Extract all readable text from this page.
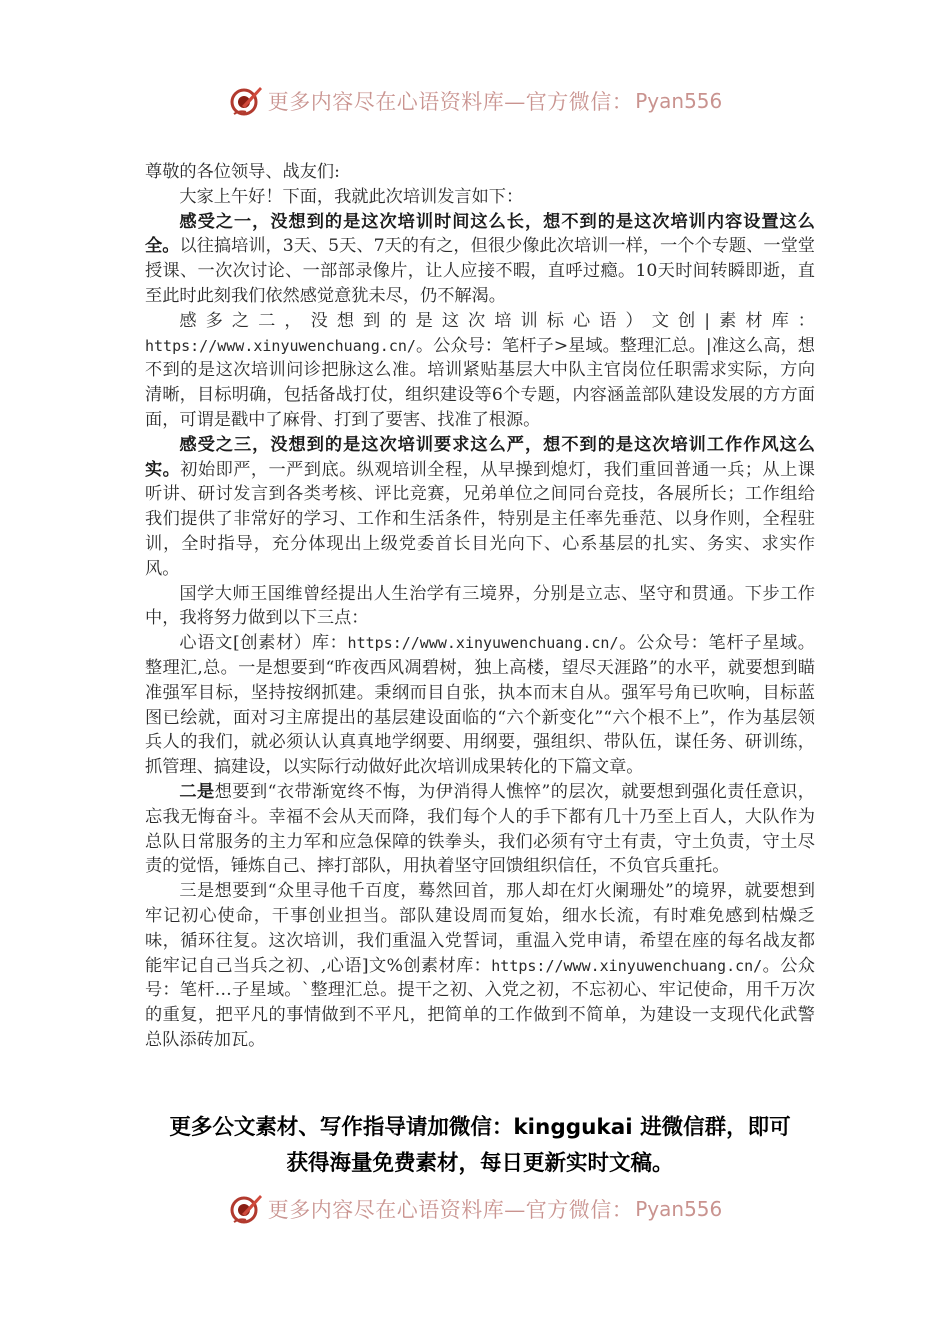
更多内容尽在心语资料库—官方微信： Pyan556

尊敬的各位领导、战友们:

大家上午好！下面，我就此次培训发言如下：

感受之一，没想到的是这次培训时间这么长，想不到的是这次培训内容设置这么全。以往搞培训，3天、5天、7天的有之，但很少像此次培训一样，一个个专题、一堂堂授课、一次次讨论、一部部录像片，让人应接不暇，直呼过瘾。10天时间转瞬即逝，直至此时此刻我们依然感觉意犹未尽，仍不解渴。

感多之二，没想到的是这次培训标心语）文创|素材库：https://www.xinyuwenchuang.cn/。公众号：笔杆子>星域。整理汇总。|准这么高，想不到的是这次培训问诊把脉这么准。培训紧贴基层大中队主官岗位任职需求实际，方向清晰，目标明确，包括备战打仗，组织建设等6个专题，内容涵盖部队建设发展的方方面面，可谓是戳中了麻骨、打到了要害、找准了根源。

感受之三，没想到的是这次培训要求这么严，想不到的是这次培训工作作风这么实。初始即严，一严到底。纵观培训全程，从早操到熄灯，我们重回普通一兵；从上课听讲、研讨发言到各类考核、评比竞赛，兄弟单位之间同台竞技，各展所长；工作组给我们提供了非常好的学习、工作和生活条件，特别是主任率先垂范、以身作则，全程驻训，全时指导，充分体现出上级党委首长目光向下、心系基层的扎实、务实、求实作风。

国学大师王国维曾经提出人生治学有三境界，分别是立志、坚守和贯通。下步工作中，我将努力做到以下三点：

心语文[创素材）库：https://www.xinyuwenchuang.cn/。公众号：笔杆子星域。整理汇,总。一是想要到“昨夜西风凋碧树，独上高楼，望尽天涯路”的水平，就要想到瞄准强军目标，坚持按纲抓建。秉纲而目自张，执本而末自从。强军号角已吹响，目标蓝图已绘就，面对习主席提出的基层建设面临的“六个新变化”“六个根不上”，作为基层领兵人的我们，就必须认认真真地学纲要、用纲要，强组织、带队伍，谋任务、研训练，抓管理、搞建设，以实际行动做好此次培训成果转化的下篇文章。

二是想要到“衣带渐宽终不悔，为伊消得人憔悴”的层次，就要想到强化责任意识，忘我无悔奋斗。幸福不会从天而降，我们每个人的手下都有几十乃至上百人，大队作为总队日常服务的主力军和应急保障的铁拳头，我们必须有守土有责，守土负责，守土尽责的觉悟，锤炼自己、摔打部队，用执着坚守回馈组织信任，不负官兵重托。

三是想要到“众里寻他千百度，蓦然回首，那人却在灯火阑珊处”的境界，就要想到牢记初心使命，干事创业担当。部队建设周而复始，细水长流，有时难免感到枯燥乏味，循环往复。这次培训，我们重温入党誓词，重温入党申请，希望在座的每名战友都能牢记自己当兵之初、,心语]文%创素材库：https://www.xinyuwenchuang.cn/。公众号：笔杆…子星域。`整理汇总。提干之初、入党之初，不忘初心、牢记使命，用千万次的重复，把平凡的事情做到不平凡，把简单的工作做到不简单，为建设一支现代化武警总队添砖加瓦。

更多公文素材、写作指导请加微信：kinggukai 进微信群，即可
获得海量免费素材，每日更新实时文稿。
更多内容尽在心语资料库—官方微信： Pyan556
